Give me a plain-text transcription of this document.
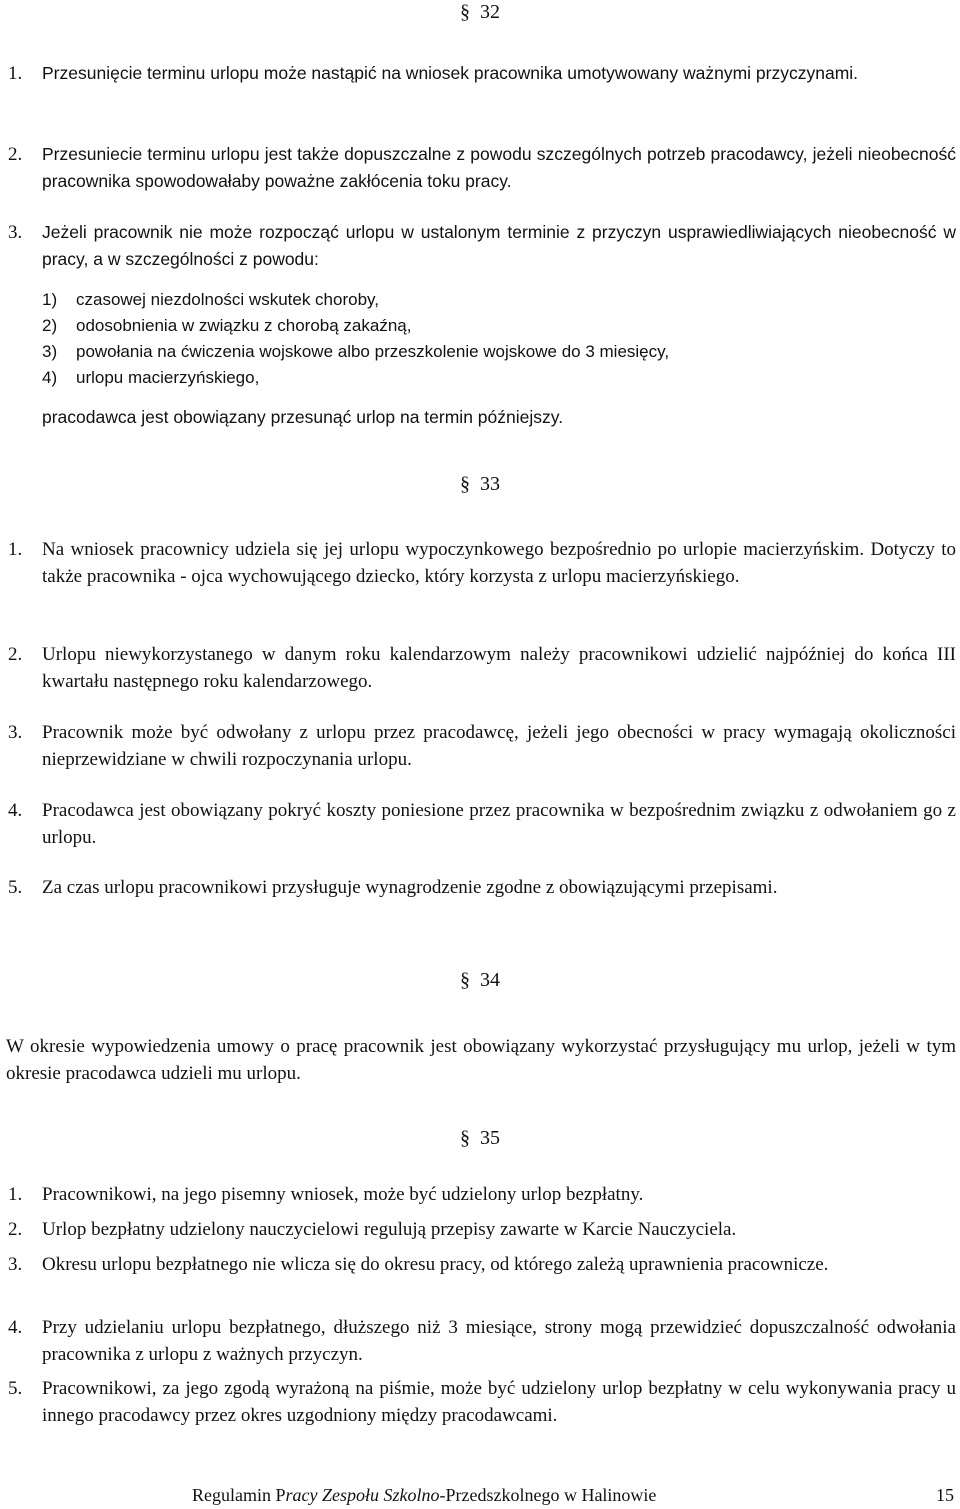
§ 32
1. Przesunięcie terminu urlopu może nastąpić na wniosek pracownika umotywowany ważnymi przyczynami.
2. Przesuniecie terminu urlopu jest także dopuszczalne z powodu szczególnych potrzeb pracodawcy, jeżeli nieobecność pracownika spowodowałaby poważne zakłócenia toku pracy.
3. Jeżeli pracownik nie może rozpocząć urlopu w ustalonym terminie z przyczyn usprawiedliwiających nieobecność w pracy, a w szczególności z powodu:
1) czasowej niezdolności wskutek choroby,
2) odosobnienia w związku z chorobą zakaźną,
3) powołania na ćwiczenia wojskowe albo przeszkolenie wojskowe do 3 miesięcy,
4) urlopu macierzyńskiego,
pracodawca jest obowiązany przesunąć urlop na termin późniejszy.
§ 33
1. Na wniosek pracownicy udziela się jej urlopu wypoczynkowego bezpośrednio po urlopie macierzyńskim. Dotyczy to także pracownika - ojca wychowującego dziecko, który korzysta z urlopu macierzyńskiego.
2. Urlopu niewykorzystanego w danym roku kalendarzowym należy pracownikowi udzielić najpóźniej do końca III kwartału następnego roku kalendarzowego.
3. Pracownik może być odwołany z urlopu przez pracodawcę, jeżeli jego obecności w pracy wymagają okoliczności nieprzewidziane w chwili rozpoczynania urlopu.
4. Pracodawca jest obowiązany pokryć koszty poniesione przez pracownika w bezpośrednim związku z odwołaniem go z urlopu.
5. Za czas urlopu pracownikowi przysługuje wynagrodzenie zgodne z obowiązującymi przepisami.
§ 34
W okresie wypowiedzenia umowy o pracę pracownik jest obowiązany wykorzystać przysługujący mu urlop, jeżeli w tym okresie pracodawca udzieli mu urlopu.
§ 35
1. Pracownikowi, na jego pisemny wniosek, może być udzielony urlop bezpłatny.
2. Urlop bezpłatny udzielony nauczycielowi regulują przepisy zawarte w Karcie Nauczyciela.
3. Okresu urlopu bezpłatnego nie wlicza się do okresu pracy, od którego zależą uprawnienia pracownicze.
4. Przy udzielaniu urlopu bezpłatnego, dłuższego niż 3 miesiące, strony mogą przewidzieć dopuszczalność odwołania pracownika z urlopu z ważnych przyczyn.
5. Pracownikowi, za jego zgodą wyrażoną na piśmie, może być udzielony urlop bezpłatny w celu wykonywania pracy u innego pracodawcy przez okres uzgodniony między pracodawcami.
Regulamin Pracy Zespołu Szkolno-Przedszkolnego w Halinowie	15
